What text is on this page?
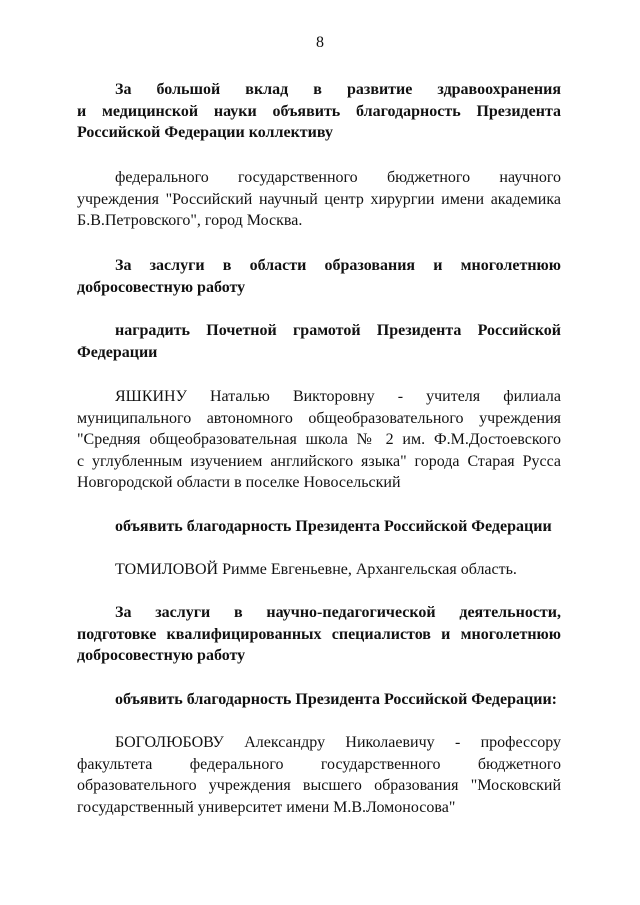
8
За большой вклад в развитие здравоохранения
и медицинской науки объявить благодарность Президента
Российской Федерации коллективу
федерального государственного бюджетного научного
учреждения "Российский научный центр хирургии имени академика
Б.В.Петровского", город Москва.
За заслуги в области образования и многолетнюю
добросовестную работу
наградить Почетной грамотой Президента Российской
Федерации
ЯШКИНУ Наталью Викторовну - учителя филиала
муниципального автономного общеобразовательного учреждения
"Средняя общеобразовательная школа № 2 им. Ф.М.Достоевского
с углубленным изучением английского языка" города Старая Русса
Новгородской области в поселке Новосельский
объявить благодарность Президента Российской Федерации
ТОМИЛОВОЙ Римме Евгеньевне, Архангельская область.
За заслуги в научно-педагогической деятельности,
подготовке квалифицированных специалистов и многолетнюю
добросовестную работу
объявить благодарность Президента Российской Федерации:
БОГОЛЮБОВУ Александру Николаевичу - профессору
факультета федерального государственного бюджетного
образовательного учреждения высшего образования "Московский
государственный университет имени М.В.Ломоносова"
